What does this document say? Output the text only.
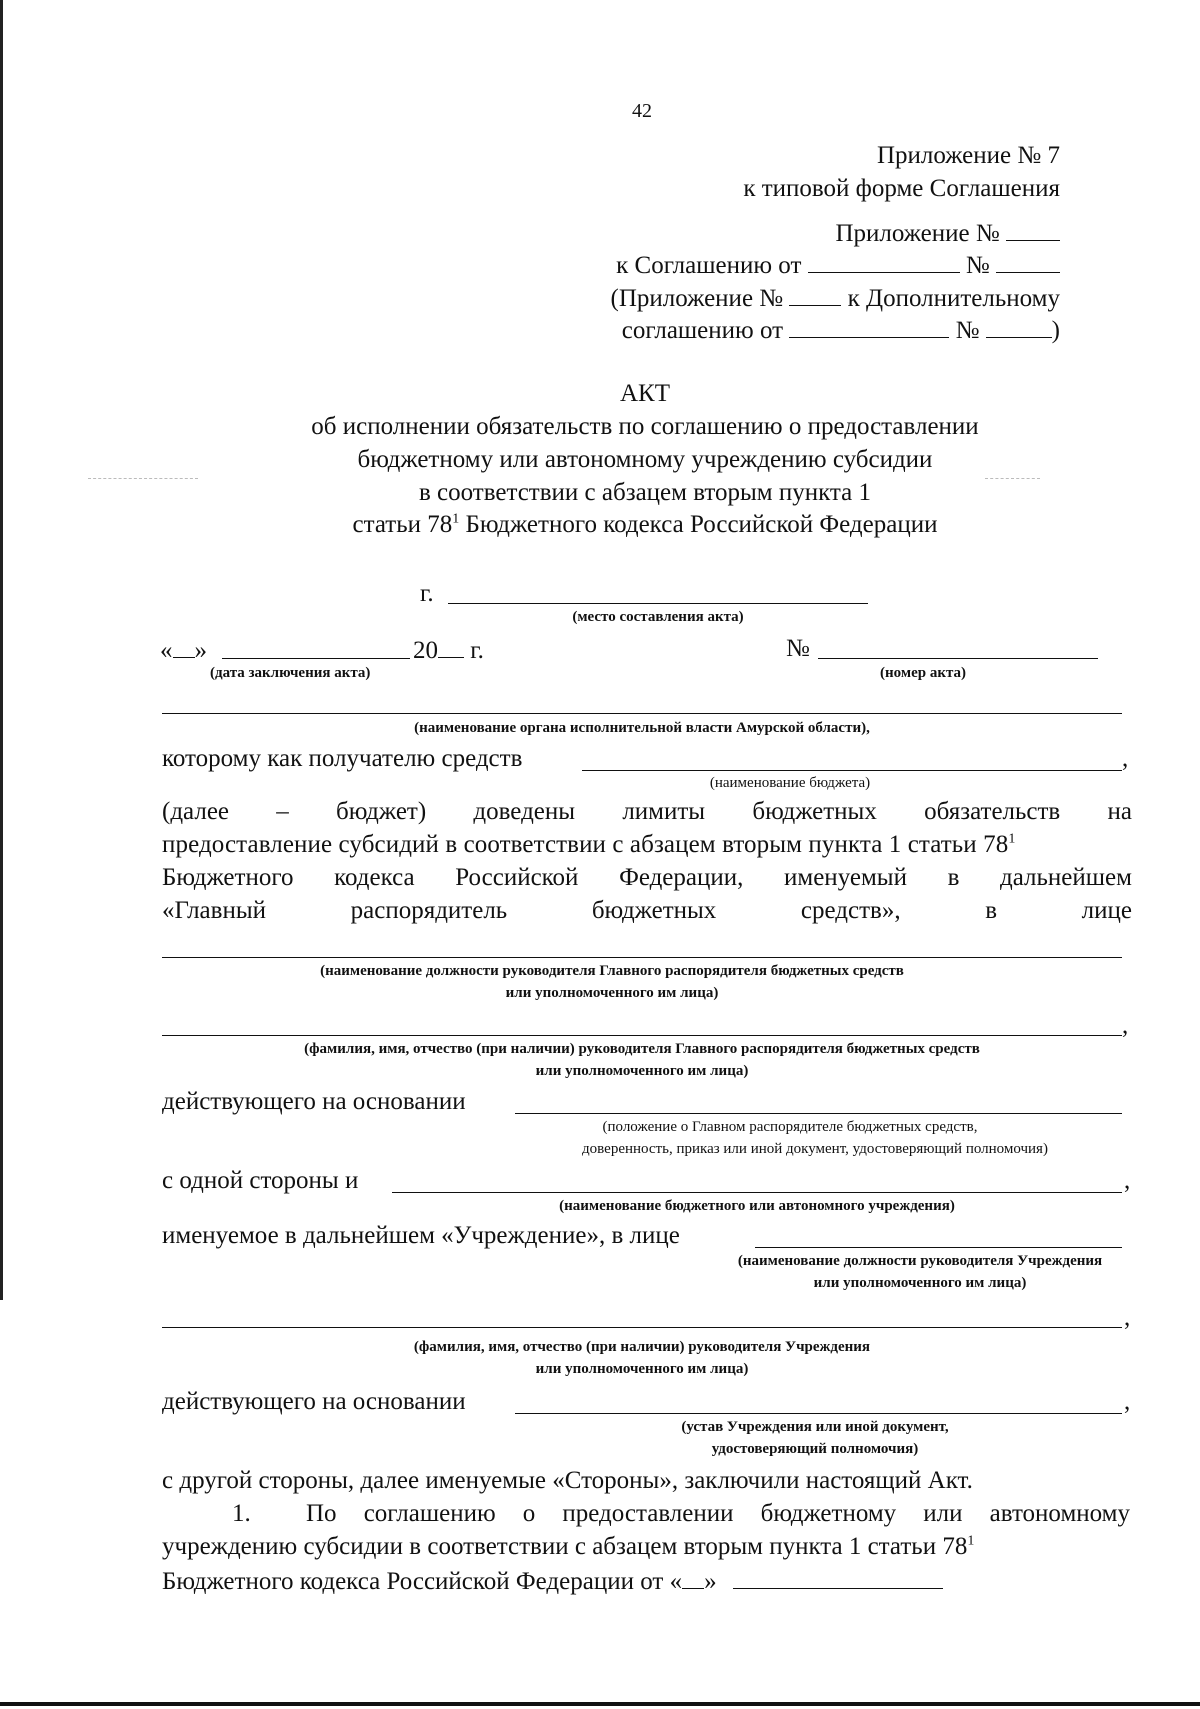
42
Приложение № 7
к типовой форме Соглашения
Приложение №
к Соглашению от	№
(Приложение №	к Дополнительному
соглашению от	№	)
АКТ
об исполнении обязательств по соглашению о предоставлении
бюджетному или автономному учреждению субсидии
в соответствии с абзацем вторым пункта 1
статьи $78^1$ Бюджетного кодекса Российской Федерации
г.
(место составления акта)
« »	20 г.
(дата заключения акта)
№
(номер акта)
(наименование органа исполнительной власти Амурской области),
которому как получателю средств	,
(наименование бюджета)
(далее – бюджет) доведены лимиты бюджетных обязательств на
предоставление субсидий в соответствии с абзацем вторым пункта 1 статьи $78^1$
Бюджетного кодекса Российской Федерации, именуемый в дальнейшем
«Главный	распорядитель	бюджетных	средств»,	в	лице
(наименование должности руководителя Главного распорядителя бюджетных средств
или уполномоченного им лица)
,
(фамилия, имя, отчество (при наличии) руководителя Главного распорядителя бюджетных средств
или уполномоченного им лица)
действующего на основании
(положение о Главном распорядителе бюджетных средств,
доверенность, приказ или иной документ, удостоверяющий полномочия)
с одной стороны и	,
(наименование бюджетного или автономного учреждения)
именуемое в дальнейшем «Учреждение», в лице
(наименование должности руководителя Учреждения
или уполномоченного им лица)
,
(фамилия, имя, отчество (при наличии) руководителя Учреждения
или уполномоченного им лица)
действующего на основании	,
(устав Учреждения или иной документ,
удостоверяющий полномочия)
с другой стороны, далее именуемые «Стороны», заключили настоящий Акт.
1. По соглашению о предоставлении бюджетному или автономному
учреждению субсидии в соответствии с абзацем вторым пункта 1 статьи $78^1$
Бюджетного кодекса Российской Федерации от « »
